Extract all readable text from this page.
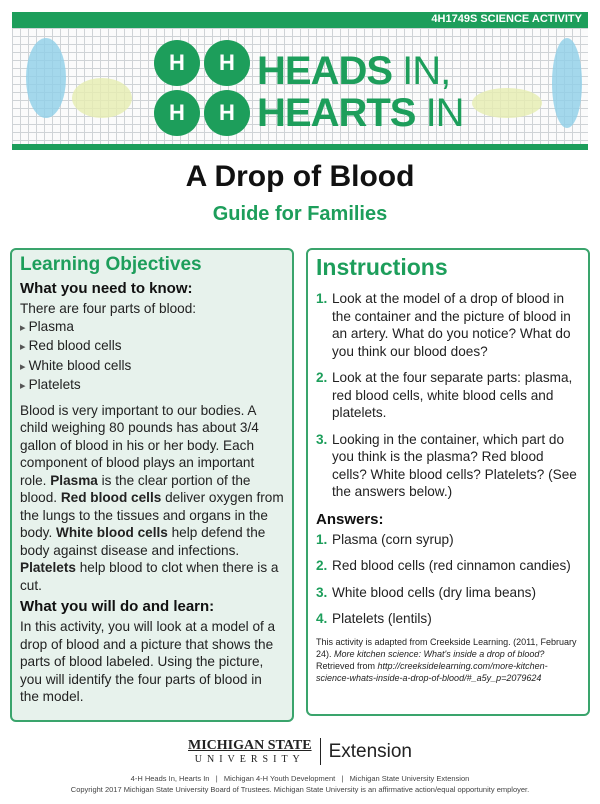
4H1749S SCIENCE ACTIVITY
H	H
H	H
HEADS IN,
HEARTS IN
A Drop of Blood
Guide for Families
Learning Objectives
What you need to know:

There are four parts of blood:

▸ Plasma
▸ Red blood cells
▸ White blood cells
▸ Platelets

Blood is very important to our bodies. A child weighing 80 pounds has about 3/4 gallon of blood in his or her body. Each component of blood plays an important role. Plasma is the clear portion of the blood. Red blood cells deliver oxygen from the lungs to the tissues and organs in the body. White blood cells help defend the body against disease and infections. Platelets help blood to clot when there is a cut.

What you will do and learn:

In this activity, you will look at a model of a drop of blood and a picture that shows the parts of blood labeled. Using the picture, you will identify the four parts of blood in the model.

Instructions
1. Look at the model of a drop of blood in the container and the picture of blood in an artery. What do you notice? What do you think our blood does?
2. Look at the four separate parts: plasma, red blood cells, white blood cells and platelets.
3. Looking in the container, which part do you think is the plasma? Red blood cells? White blood cells? Platelets? (See the answers below.)
Answers:
1. Plasma (corn syrup)
2. Red blood cells (red cinnamon candies)
3. White blood cells (dry lima beans)
4. Platelets (lentils)
This activity is adapted from Creekside Learning. (2011, February 24). More kitchen science: What's inside a drop of blood? Retrieved from http://creeksidelearning.com/more-kitchen-science-whats-inside-a-drop-of-blood/#_a5y_p=2079624
MICHIGAN STATE
UNIVERSITY	Extension
4-H Heads In, Hearts In   |   Michigan 4-H Youth Development   |   Michigan State University Extension
Copyright 2017 Michigan State University Board of Trustees. Michigan State University is an affirmative action/equal opportunity employer.
